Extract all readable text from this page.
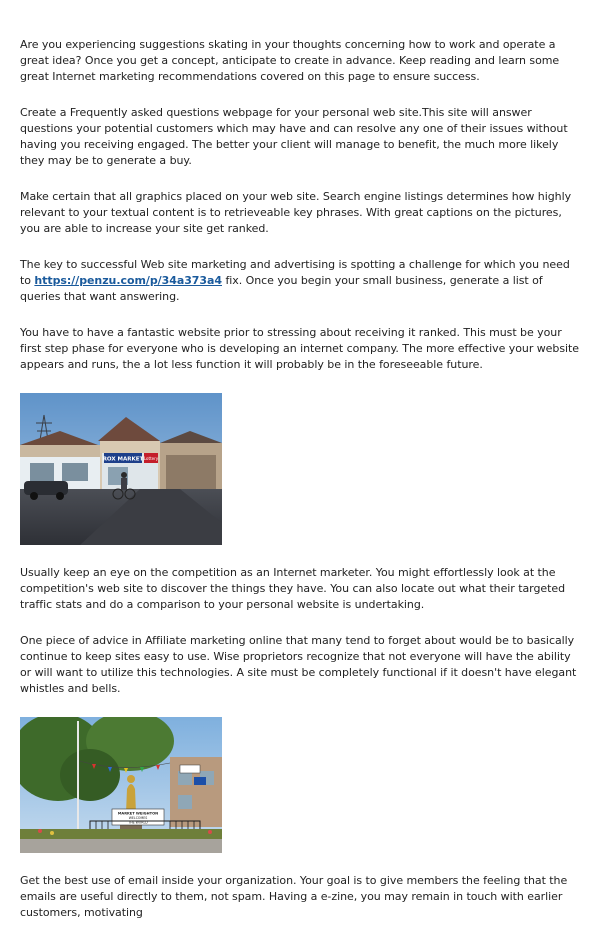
Are you experiencing suggestions skating in your thoughts concerning how to work and operate a great idea? Once you get a concept, anticipate to create in advance. Keep reading and learn some great Internet marketing recommendations covered on this page to ensure success.

Create a Frequently asked questions webpage for your personal web site.This site will answer questions your potential customers which may have and can resolve any one of their issues without having you receiving engaged. The better your client will manage to benefit, the much more likely they may be to generate a buy.

Make certain that all graphics placed on your web site. Search engine listings determines how highly relevant to your textual content is to retrieveable key phrases. With great captions on the pictures, you are able to increase your site get ranked.

The key to successful Web site marketing and advertising is spotting a challenge for which you need to https://penzu.com/p/34a373a4 fix. Once you begin your small business, generate a list of queries that want answering.

You have to have a fantastic website prior to stressing about receiving it ranked. This must be your first step phase for everyone who is developing an internet company. The more effective your website appears and runs, the a lot less function it will probably be in the foreseeable future.

ROX MARKET Lottery

Usually keep an eye on the competition as an Internet marketer. You might effortlessly look at the competition's web site to discover the things they have. You can also locate out what their targeted traffic stats and do a comparison to your personal website is undertaking.

One piece of advice in Affiliate marketing online that many tend to forget about would be to basically continue to keep sites easy to use. Wise proprietors recognize that not everyone will have the ability or will want to utilize this technologies. A site must be completely functional if it doesn't have elegant whistles and bells.

MARKET WEIGHTON
WELCOMES
THE WORLD

Get the best use of email inside your organization. Your goal is to give members the feeling that the emails are useful directly to them, not spam. Having a e-zine, you may remain in touch with earlier customers, motivating
